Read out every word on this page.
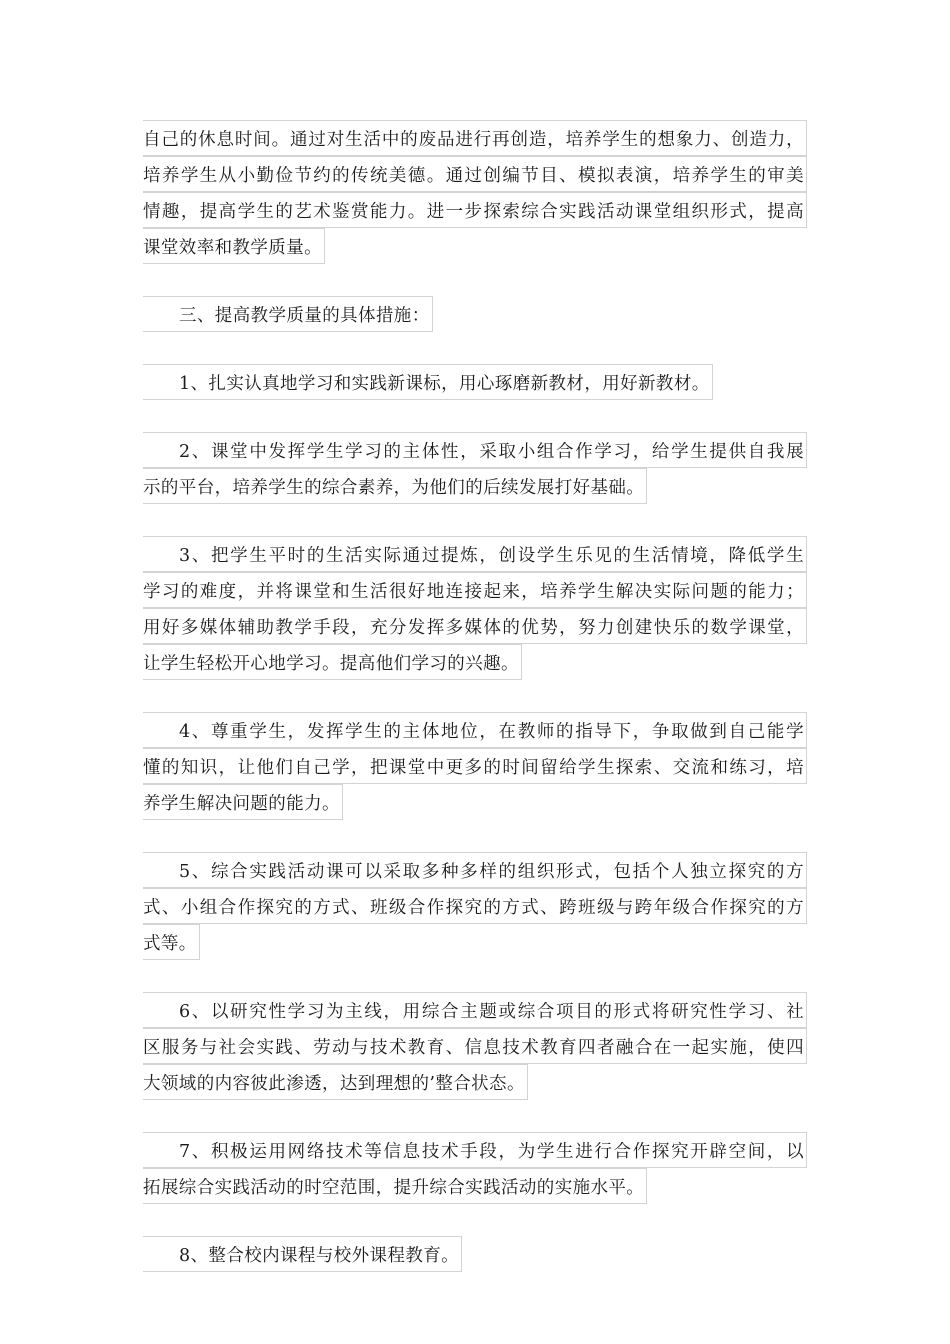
自己的休息时间。通过对生活中的废品进行再创造，培养学生的想象力、创造力，
培养学生从小勤俭节约的传统美德。通过创编节目、模拟表演，培养学生的审美
情趣，提高学生的艺术鉴赏能力。进一步探索综合实践活动课堂组织形式，提高
课堂效率和教学质量。
三、提高教学质量的具体措施：
1、扎实认真地学习和实践新课标，用心琢磨新教材，用好新教材。
2、课堂中发挥学生学习的主体性，采取小组合作学习，给学生提供自我展
示的平台，培养学生的综合素养，为他们的后续发展打好基础。
3、把学生平时的生活实际通过提炼，创设学生乐见的生活情境，降低学生
学习的难度，并将课堂和生活很好地连接起来，培养学生解决实际问题的能力；
用好多媒体辅助教学手段，充分发挥多媒体的优势，努力创建快乐的数学课堂，
让学生轻松开心地学习。提高他们学习的兴趣。
4、尊重学生，发挥学生的主体地位，在教师的指导下，争取做到自己能学
懂的知识，让他们自己学，把课堂中更多的时间留给学生探索、交流和练习，培
养学生解决问题的能力。
5、综合实践活动课可以采取多种多样的组织形式，包括个人独立探究的方
式、小组合作探究的方式、班级合作探究的方式、跨班级与跨年级合作探究的方
式等。
6、以研究性学习为主线，用综合主题或综合项目的形式将研究性学习、社
区服务与社会实践、劳动与技术教育、信息技术教育四者融合在一起实施，使四
大领域的内容彼此渗透，达到理想的’整合状态。
7、积极运用网络技术等信息技术手段，为学生进行合作探究开辟空间，以
拓展综合实践活动的时空范围，提升综合实践活动的实施水平。
8、整合校内课程与校外课程教育。
